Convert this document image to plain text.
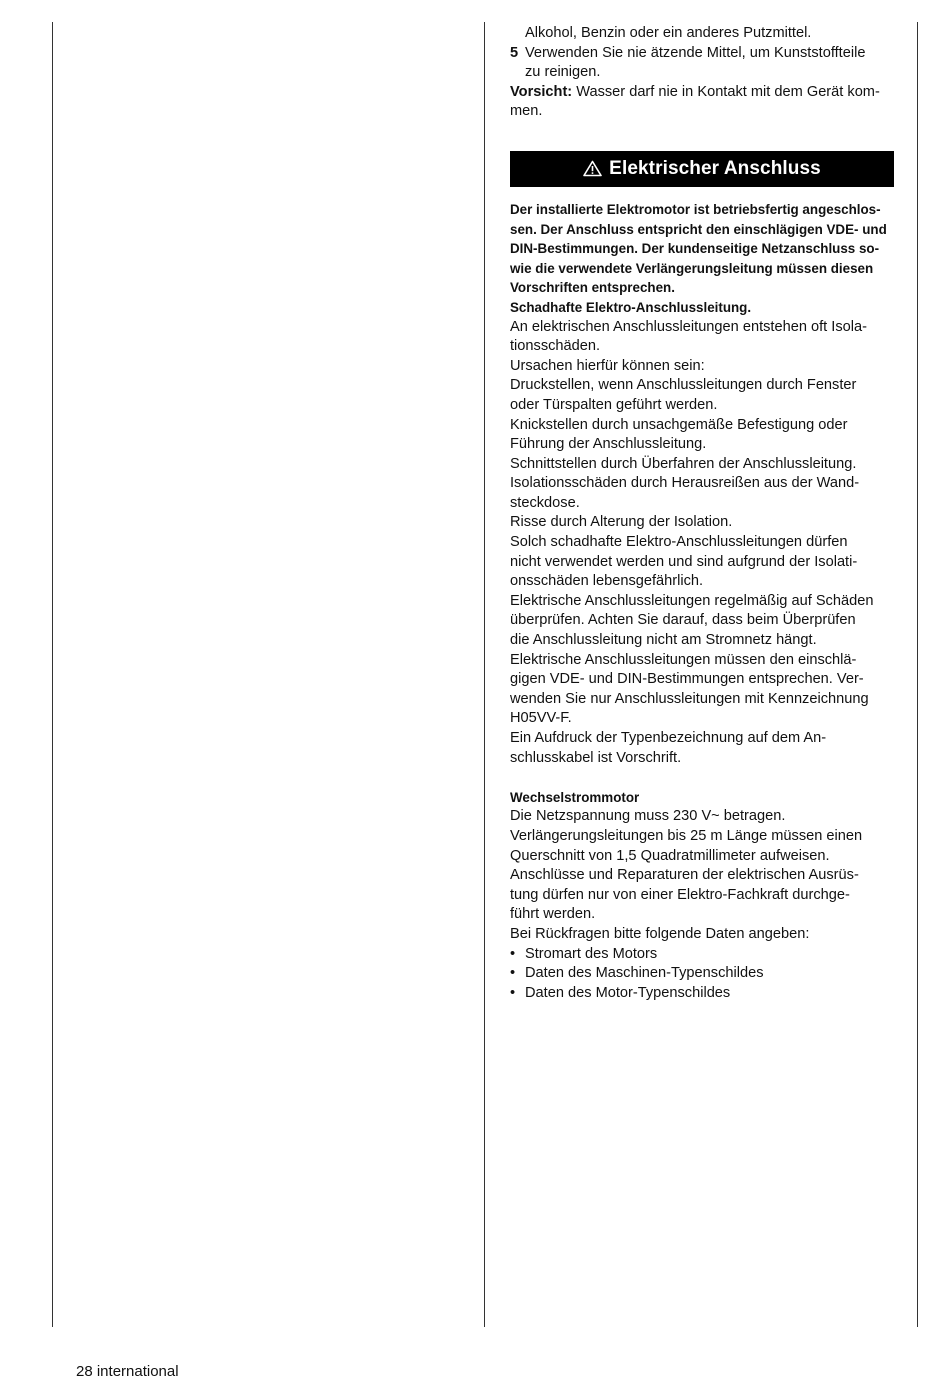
Alkohol, Benzin oder ein anderes Putzmittel.

5 Verwenden Sie nie ätzende Mittel, um Kunststoffteile

zu reinigen.

Vorsicht: Wasser darf nie in Kontakt mit dem Gerät kom-

men.

Elektrischer Anschluss

Der installierte Elektromotor ist betriebsfertig angeschlos-

sen. Der Anschluss entspricht den einschlägigen VDE- und

DIN-Bestimmungen. Der kundenseitige Netzanschluss so-

wie die verwendete Verlängerungsleitung müssen diesen

Vorschriften entsprechen.

Schadhafte Elektro-Anschlussleitung.

An elektrischen Anschlussleitungen entstehen oft Isola-

tionsschäden.

Ursachen hierfür können sein:

Druckstellen, wenn Anschlussleitungen durch Fenster

oder Türspalten geführt werden.

Knickstellen durch unsachgemäße Befestigung oder

Führung der Anschlussleitung.

Schnittstellen durch Überfahren der Anschlussleitung.

Isolationsschäden durch Herausreißen aus der Wand-

steckdose.

Risse durch Alterung der Isolation.

Solch schadhafte Elektro-Anschlussleitungen dürfen

nicht verwendet werden und sind aufgrund der Isolati-

onsschäden lebensgefährlich.

Elektrische Anschlussleitungen regelmäßig auf Schäden

überprüfen. Achten Sie darauf, dass beim Überprüfen

die Anschlussleitung nicht am Stromnetz hängt.

Elektrische Anschlussleitungen müssen den einschlä-

gigen VDE- und DIN-Bestimmungen entsprechen. Ver-

wenden Sie nur Anschlussleitungen mit Kennzeichnung

H05VV-F.

Ein Aufdruck der Typenbezeichnung auf dem An-

schlusskabel ist Vorschrift.

Wechselstrommotor

Die Netzspannung muss 230 V~ betragen.

Verlängerungsleitungen bis 25 m Länge müssen einen

Querschnitt von 1,5 Quadratmillimeter aufweisen.

Anschlüsse und Reparaturen der elektrischen Ausrüs-

tung dürfen nur von einer Elektro-Fachkraft durchge-

führt werden.

Bei Rückfragen bitte folgende Daten angeben:

• Stromart des Motors
• Daten des Maschinen-Typenschildes
• Daten des Motor-Typenschildes
28 international
